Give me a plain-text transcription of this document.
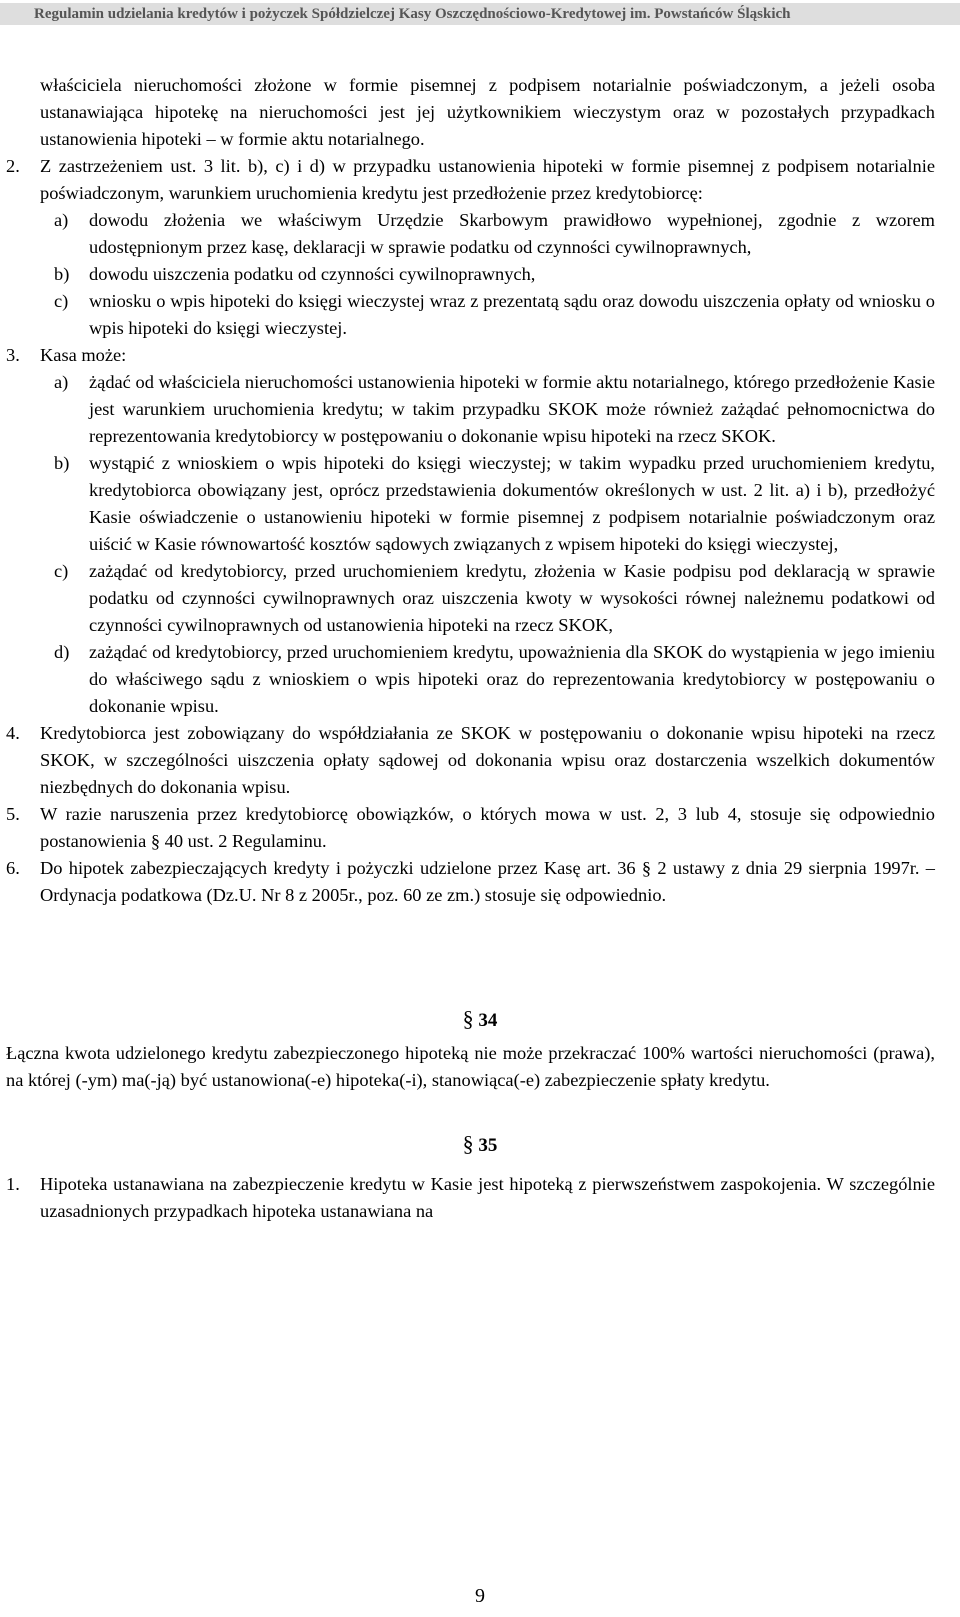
Regulamin udzielania kredytów i pożyczek Spółdzielczej Kasy Oszczędnościowo-Kredytowej im. Powstańców Śląskich
właściciela nieruchomości złożone w formie pisemnej z podpisem notarialnie poświadczonym, a jeżeli osoba ustanawiająca hipotekę na nieruchomości jest jej użytkownikiem wieczystym oraz w pozostałych przypadkach ustanowienia hipoteki – w formie aktu notarialnego.
2. Z zastrzeżeniem ust. 3 lit. b), c) i d) w przypadku ustanowienia hipoteki w formie pisemnej z podpisem notarialnie poświadczonym, warunkiem uruchomienia kredytu jest przedłożenie przez kredytobiorcę:
a) dowodu złożenia we właściwym Urzędzie Skarbowym prawidłowo wypełnionej, zgodnie z wzorem udostępnionym przez kasę, deklaracji w sprawie podatku od czynności cywilnoprawnych,
b) dowodu uiszczenia podatku od czynności cywilnoprawnych,
c) wniosku o wpis hipoteki do księgi wieczystej wraz z prezentatą sądu oraz dowodu uiszczenia opłaty od wniosku o wpis hipoteki do księgi wieczystej.
3. Kasa może:
a) żądać od właściciela nieruchomości ustanowienia hipoteki w formie aktu notarialnego, którego przedłożenie Kasie jest warunkiem uruchomienia kredytu; w takim przypadku SKOK może również zażądać pełnomocnictwa do reprezentowania kredytobiorcy w postępowaniu o dokonanie wpisu hipoteki na rzecz SKOK.
b) wystąpić z wnioskiem o wpis hipoteki do księgi wieczystej; w takim wypadku przed uruchomieniem kredytu, kredytobiorca obowiązany jest, oprócz przedstawienia dokumentów określonych w ust. 2 lit. a) i b), przedłożyć Kasie oświadczenie o ustanowieniu hipoteki w formie pisemnej z podpisem notarialnie poświadczonym oraz uiścić w Kasie równowartość kosztów sądowych związanych z wpisem hipoteki do księgi wieczystej,
c) zażądać od kredytobiorcy, przed uruchomieniem kredytu, złożenia w Kasie podpisu pod deklaracją w sprawie podatku od czynności cywilnoprawnych oraz uiszczenia kwoty w wysokości równej należnemu podatkowi od czynności cywilnoprawnych od ustanowienia hipoteki na rzecz SKOK,
d) zażądać od kredytobiorcy, przed uruchomieniem kredytu, upoważnienia dla SKOK do wystąpienia w jego imieniu do właściwego sądu z wnioskiem o wpis hipoteki oraz do reprezentowania kredytobiorcy w postępowaniu o dokonanie wpisu.
4. Kredytobiorca jest zobowiązany do współdziałania ze SKOK w postępowaniu o dokonanie wpisu hipoteki na rzecz SKOK, w szczególności uiszczenia opłaty sądowej od dokonania wpisu oraz dostarczenia wszelkich dokumentów niezbędnych do dokonania wpisu.
5. W razie naruszenia przez kredytobiorcę obowiązków, o których mowa w ust. 2, 3 lub 4, stosuje się odpowiednio postanowienia § 40 ust. 2 Regulaminu.
6. Do hipotek zabezpieczających kredyty i pożyczki udzielone przez Kasę art. 36 § 2 ustawy z dnia 29 sierpnia 1997r. – Ordynacja podatkowa (Dz.U. Nr 8 z 2005r., poz. 60 ze zm.) stosuje się odpowiednio.
§ 34
Łączna kwota udzielonego kredytu zabezpieczonego hipoteką nie może przekraczać 100% wartości nieruchomości (prawa), na której (-ym) ma(-ją) być ustanowiona(-e) hipoteka(-i), stanowiąca(-e) zabezpieczenie spłaty kredytu.
§ 35
1. Hipoteka ustanawiana na zabezpieczenie kredytu w Kasie jest hipoteką z pierwszeństwem zaspokojenia. W szczególnie uzasadnionych przypadkach hipoteka ustanawiana na
9
